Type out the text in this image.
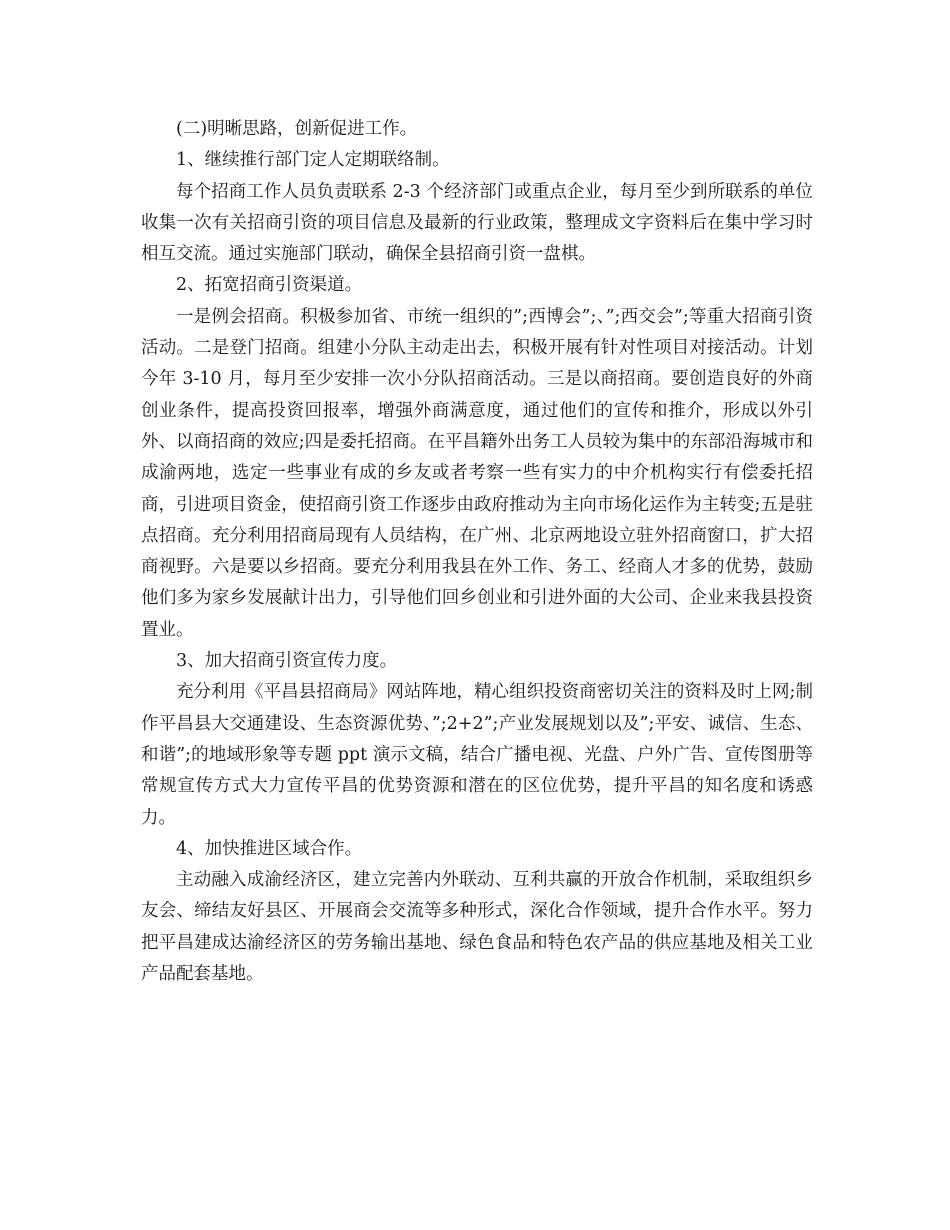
(二)明晰思路，创新促进工作。

1、继续推行部门定人定期联络制。

每个招商工作人员负责联系 2-3 个经济部门或重点企业，每月至少到所联系的单位收集一次有关招商引资的项目信息及最新的行业政策，整理成文字资料后在集中学习时相互交流。通过实施部门联动，确保全县招商引资一盘棋。

2、拓宽招商引资渠道。

一是例会招商。积极参加省、市统一组织的”;西博会”;、”;西交会”;等重大招商引资活动。二是登门招商。组建小分队主动走出去，积极开展有针对性项目对接活动。计划今年 3-10 月，每月至少安排一次小分队招商活动。三是以商招商。要创造良好的外商创业条件，提高投资回报率，增强外商满意度，通过他们的宣传和推介，形成以外引外、以商招商的效应;四是委托招商。在平昌籍外出务工人员较为集中的东部沿海城市和成渝两地，选定一些事业有成的乡友或者考察一些有实力的中介机构实行有偿委托招商，引进项目资金，使招商引资工作逐步由政府推动为主向市场化运作为主转变;五是驻点招商。充分利用招商局现有人员结构，在广州、北京两地设立驻外招商窗口，扩大招商视野。六是要以乡招商。要充分利用我县在外工作、务工、经商人才多的优势，鼓励他们多为家乡发展献计出力，引导他们回乡创业和引进外面的大公司、企业来我县投资置业。

3、加大招商引资宣传力度。

充分利用《平昌县招商局》网站阵地，精心组织投资商密切关注的资料及时上网;制作平昌县大交通建设、生态资源优势、”;2+2”;产业发展规划以及”;平安、诚信、生态、和谐”;的地域形象等专题 ppt 演示文稿，结合广播电视、光盘、户外广告、宣传图册等常规宣传方式大力宣传平昌的优势资源和潜在的区位优势，提升平昌的知名度和诱惑力。

4、加快推进区域合作。

主动融入成渝经济区，建立完善内外联动、互利共赢的开放合作机制，采取组织乡友会、缔结友好县区、开展商会交流等多种形式，深化合作领域，提升合作水平。努力把平昌建成达渝经济区的劳务输出基地、绿色食品和特色农产品的供应基地及相关工业产品配套基地。
